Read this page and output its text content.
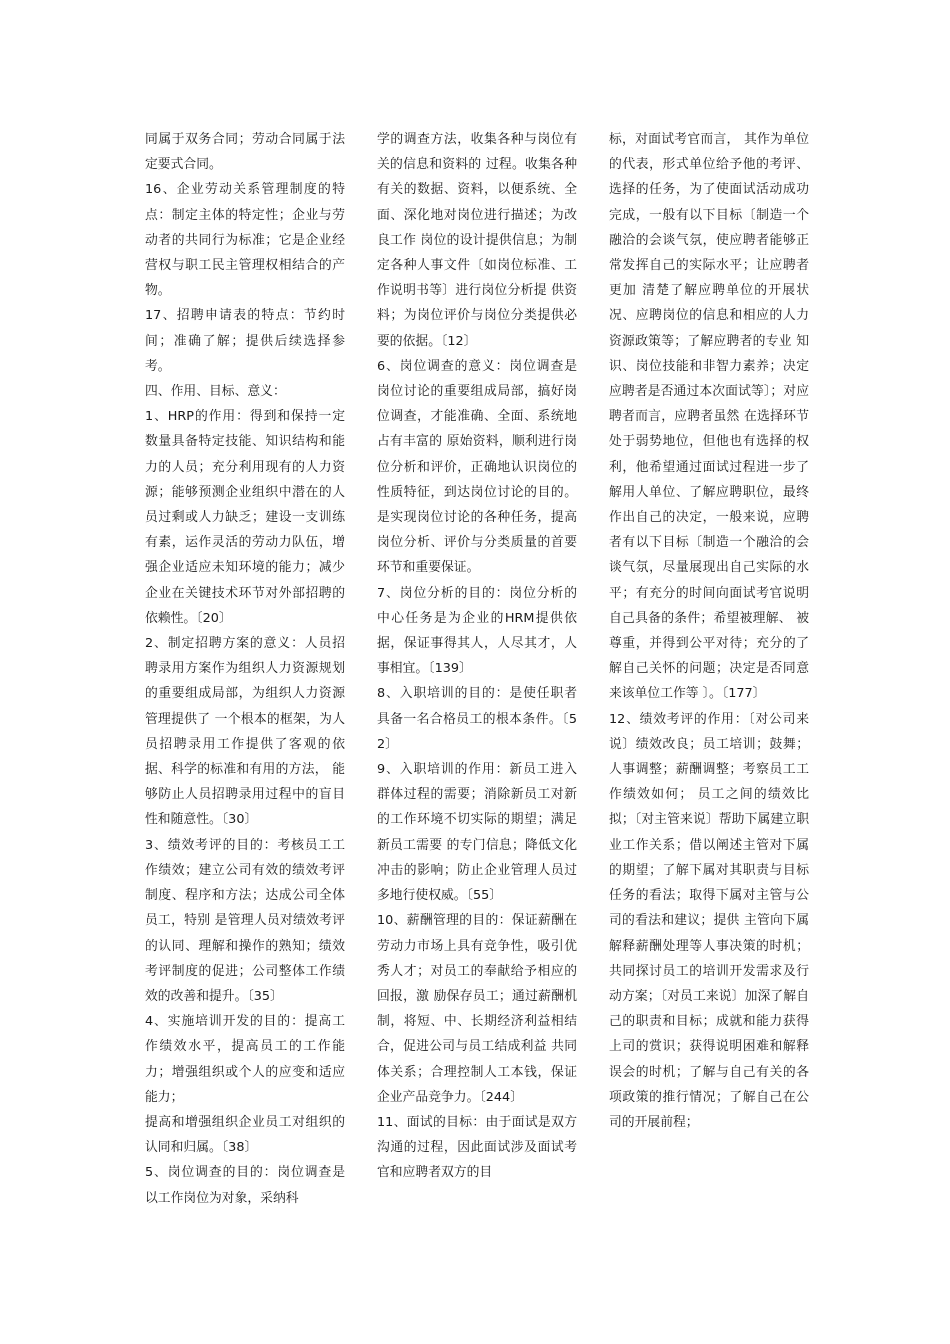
同属于双务合同；劳动合同属于法定要式合同。

16、企业劳动关系管理制度的特点：制定主体的特定性；企业与劳动者的共同行为标准；它是企业经营权与职工民主管理权相结合的产物。

17、招聘申请表的特点：节约时间；准确了解；提供后续选择参考。

四、作用、目标、意义：

1、HRP的作用：得到和保持一定数量具备特定技能、知识结构和能力的人员；充分利用现有的人力资源；能够预测企业组织中潜在的人员过剩或人力缺乏；建设一支训练有素，运作灵活的劳动力队伍，增强企业适应未知环境的能力；减少企业在关键技术环节对外部招聘的依赖性。〔20〕

2、制定招聘方案的意义：人员招聘录用方案作为组织人力资源规划的重要组成局部，为组织人力资源管理提供了 一个根本的框架，为人员招聘录用工作提供了客观的依据、科学的标准和有用的方法， 能够防止人员招聘录用过程中的盲目性和随意性。〔30〕

3、绩效考评的目的：考核员工工作绩效；建立公司有效的绩效考评制度、程序和方法；达成公司全体员工，特别 是管理人员对绩效考评的认同、理解和操作的熟知；绩效考评制度的促进；公司整体工作绩效的改善和提升。〔35〕

4、实施培训开发的目的：提高工作绩效水平，提高员工的工作能力；增强组织或个人的应变和适应能力；

提高和增强组织企业员工对组织的认同和归属。〔38〕

5、岗位调查的目的：岗位调查是以工作岗位为对象，采纳科

学的调查方法，收集各种与岗位有关的信息和资料的 过程。收集各种有关的数据、资料，以便系统、全面、深化地对岗位进行描述；为改良工作 岗位的设计提供信息；为制定各种人事文件〔如岗位标准、工作说明书等〕进行岗位分析提 供资料；为岗位评价与岗位分类提供必要的依据。〔12〕

6、岗位调查的意义：岗位调查是岗位讨论的重要组成局部，搞好岗位调查，才能准确、全面、系统地占有丰富的 原始资料，顺利进行岗位分析和评价，正确地认识岗位的性质特征，到达岗位讨论的目的。是实现岗位讨论的各种任务，提高岗位分析、评价与分类质量的首要环节和重要保证。

7、岗位分析的目的：岗位分析的中心任务是为企业的HRM提供依据，保证事得其人，人尽其才，人事相宜。〔139〕

8、入职培训的目的：是使任职者具备一名合格员工的根本条件。〔52〕

9、入职培训的作用：新员工进入群体过程的需要；消除新员工对新的工作环境不切实际的期望；满足新员工需要 的专门信息；降低文化冲击的影响；防止企业管理人员过多地行使权威。〔55〕

10、薪酬管理的目的：保证薪酬在劳动力市场上具有竞争性，吸引优秀人才；对员工的奉献给予相应的回报，激 励保存员工；通过薪酬机制，将短、中、长期经济利益相结合，促进公司与员工结成利益 共同体关系；合理控制人工本钱，保证企业产品竞争力。〔244〕

11、面试的目标：由于面试是双方沟通的过程，因此面试涉及面试考官和应聘者双方的目

标，对面试考官而言， 其作为单位的代表，形式单位给予他的考评、选择的任务，为了使面试活动成功完成，一般有以下目标〔制造一个融洽的会谈气氛，使应聘者能够正常发挥自己的实际水平；让应聘者更加 清楚了解应聘单位的开展状况、应聘岗位的信息和相应的人力资源政策等；了解应聘者的专业 知识、岗位技能和非智力素养；决定应聘者是否通过本次面试等〕；对应聘者而言，应聘者虽然 在选择环节处于弱势地位，但他也有选择的权利，他希望通过面试过程进一步了解用人单位、了解应聘职位，最终作出自己的决定，一般来说，应聘者有以下目标〔制造一个融洽的会谈气氛，尽量展现出自己实际的水平；有充分的时间向面试考官说明自己具备的条件；希望被理解、 被尊重，并得到公平对待；充分的了解自己关怀的问题；决定是否同意来该单位工作等 〕。〔177〕

12、绩效考评的作用：〔对公司来说〕绩效改良；员工培训；鼓舞；人事调整；薪酬调整；考察员工工作绩效如何； 员工之间的绩效比拟；〔对主管来说〕帮助下属建立职业工作关系；借以阐述主管对下属的期望；了解下属对其职责与目标任务的看法；取得下属对主管与公司的看法和建议；提供 主管向下属解释薪酬处理等人事决策的时机；共同探讨员工的培训开发需求及行动方案；〔对员工来说〕加深了解自己的职责和目标；成就和能力获得上司的赏识；获得说明困难和解释误会的时机；了解与自己有关的各项政策的推行情况；了解自己在公司的开展前程；
